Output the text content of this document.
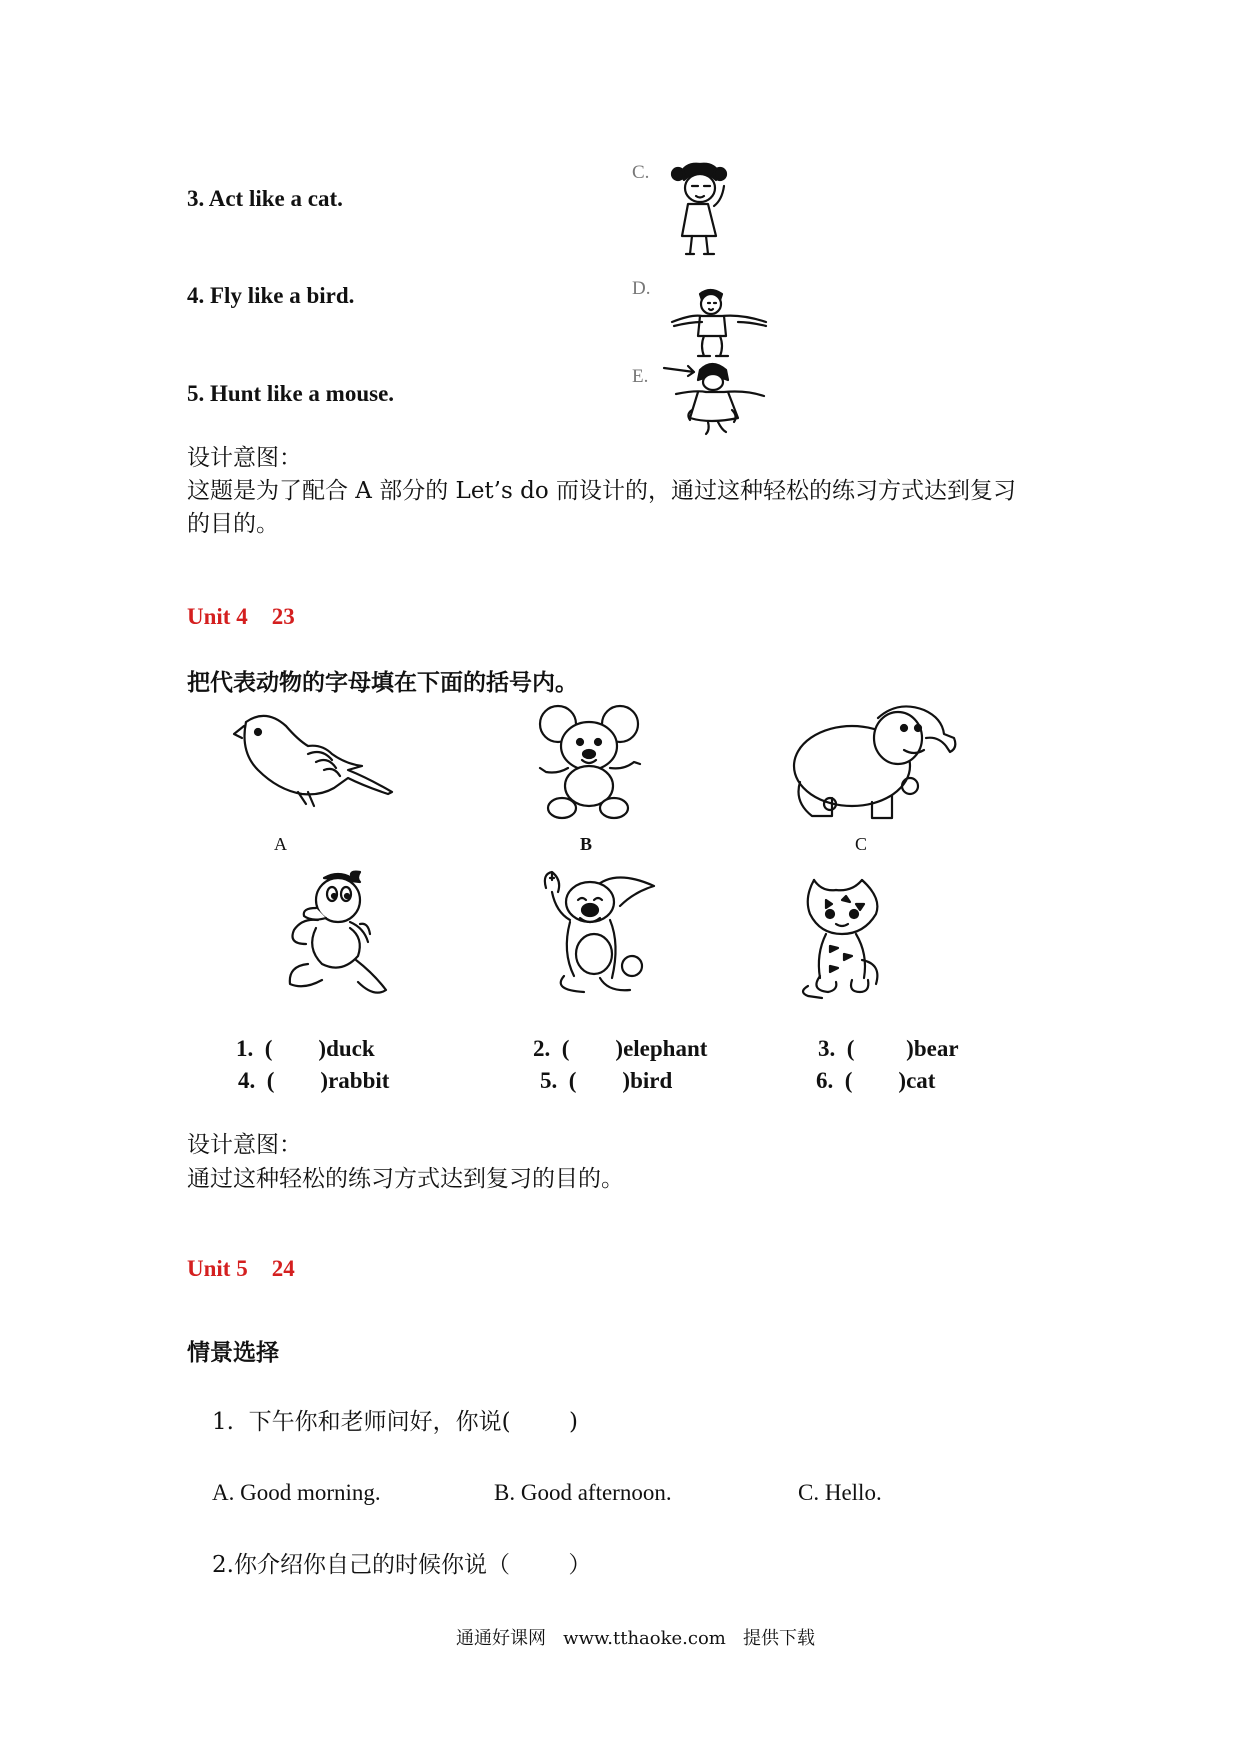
3. Act like a cat.
4. Fly like a bird.
5. Hunt like a mouse.
C.
D.
E.
设计意图：
这题是为了配合 A 部分的 Let’s do 而设计的，通过这种轻松的练习方式达到复习
的目的。
Unit 4 23
把代表动物的字母填在下面的括号内。
A	B	C
1.  (        )duck	2.  (        )elephant	3.  (         )bear
4.  (        )rabbit	5.  (        )bird	6.  (        )cat
设计意图：
通过这种轻松的练习方式达到复习的目的。
Unit 5 24
情景选择
1.  下午你和老师问好，你说(        )
A. Good morning.	B. Good afternoon.	C. Hello.
2.你介绍你自己的时候你说（        ）
通通好课网   www.tthaoke.com   提供下载
